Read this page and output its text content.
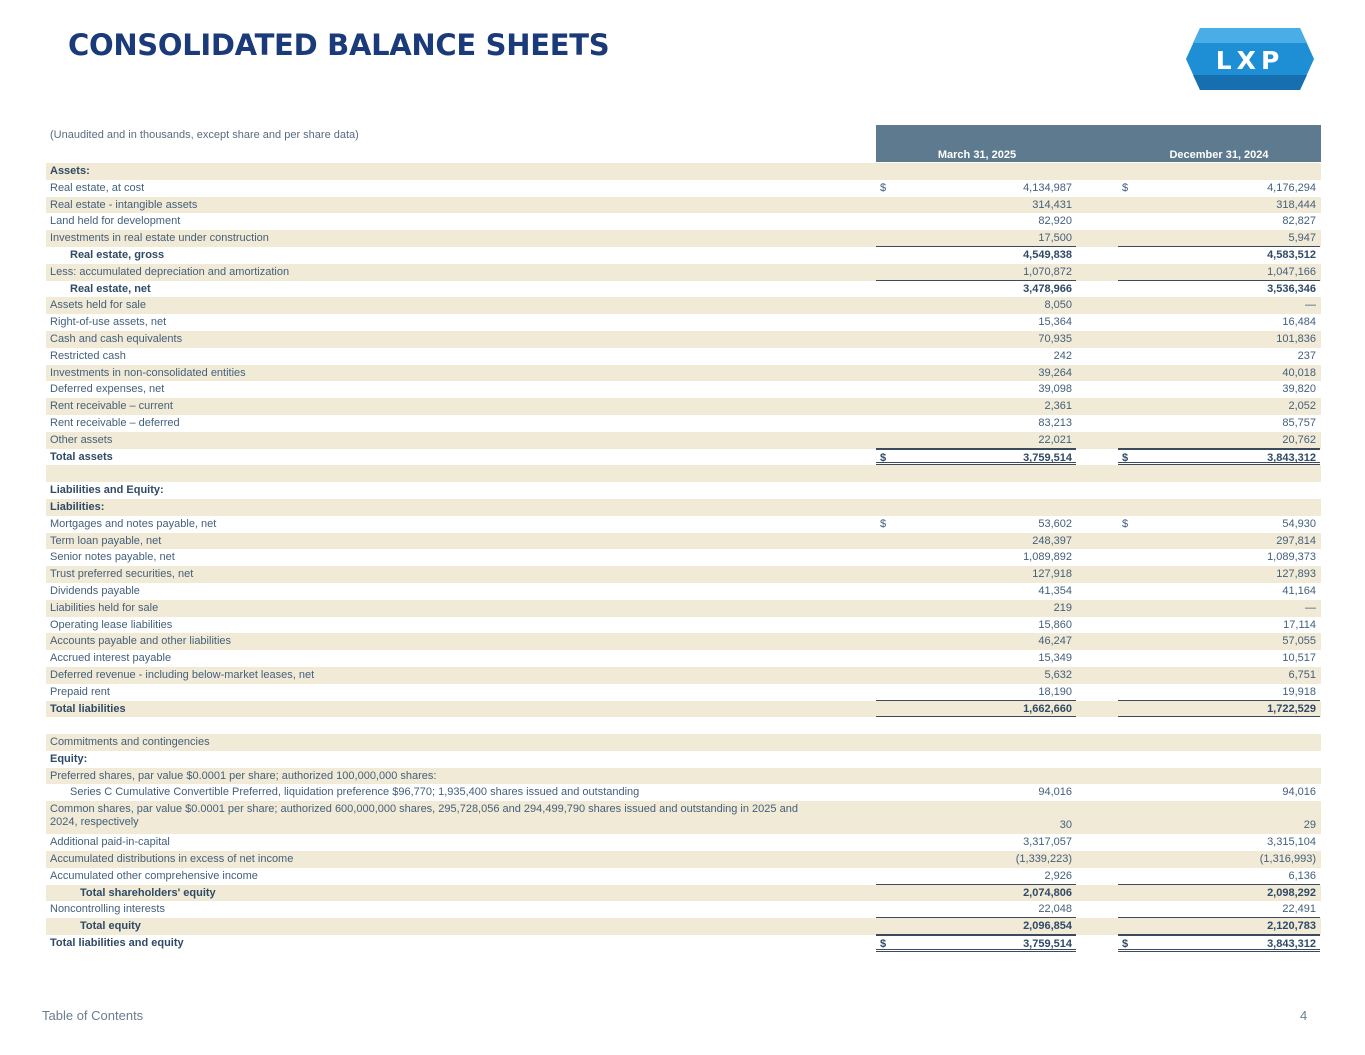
CONSOLIDATED BALANCE SHEETS	LXP
(Unaudited and in thousands, except share and per share data)
March 31, 2025	December 31, 2024
Assets:
Real estate, at cost	$	4,134,987	$	4,176,294
Real estate - intangible assets	314,431	318,444
Land held for development	82,920	82,827
Investments in real estate under construction	17,500	5,947
Real estate, gross	4,549,838	4,583,512
Less: accumulated depreciation and amortization	1,070,872	1,047,166
Real estate, net	3,478,966	3,536,346
Assets held for sale	8,050	—
Right-of-use assets, net	15,364	16,484
Cash and cash equivalents	70,935	101,836
Restricted cash	242	237
Investments in non-consolidated entities	39,264	40,018
Deferred expenses, net	39,098	39,820
Rent receivable – current	2,361	2,052
Rent receivable – deferred	83,213	85,757
Other assets	22,021	20,762
Total assets	$	3,759,514	$	3,843,312
Liabilities and Equity:
Liabilities:
Mortgages and notes payable, net	$	53,602	$	54,930
Term loan payable, net	248,397	297,814
Senior notes payable, net	1,089,892	1,089,373
Trust preferred securities, net	127,918	127,893
Dividends payable	41,354	41,164
Liabilities held for sale	219	—
Operating lease liabilities	15,860	17,114
Accounts payable and other liabilities	46,247	57,055
Accrued interest payable	15,349	10,517
Deferred revenue - including below-market leases, net	5,632	6,751
Prepaid rent	18,190	19,918
Total liabilities	1,662,660	1,722,529
Commitments and contingencies
Equity:
Preferred shares, par value $0.0001 per share; authorized 100,000,000 shares:
Series C Cumulative Convertible Preferred, liquidation preference $96,770; 1,935,400 shares issued and outstanding	94,016	94,016
Common shares, par value $0.0001 per share; authorized 600,000,000 shares, 295,728,056 and 294,499,790 shares issued and outstanding in 2025 and 2024, respectively	30	29
Additional paid-in-capital	3,317,057	3,315,104
Accumulated distributions in excess of net income	(1,339,223)	(1,316,993)
Accumulated other comprehensive income	2,926	6,136
Total shareholders' equity	2,074,806	2,098,292
Noncontrolling interests	22,048	22,491
Total equity	2,096,854	2,120,783
Total liabilities and equity	$	3,759,514	$	3,843,312
Table of Contents	4
